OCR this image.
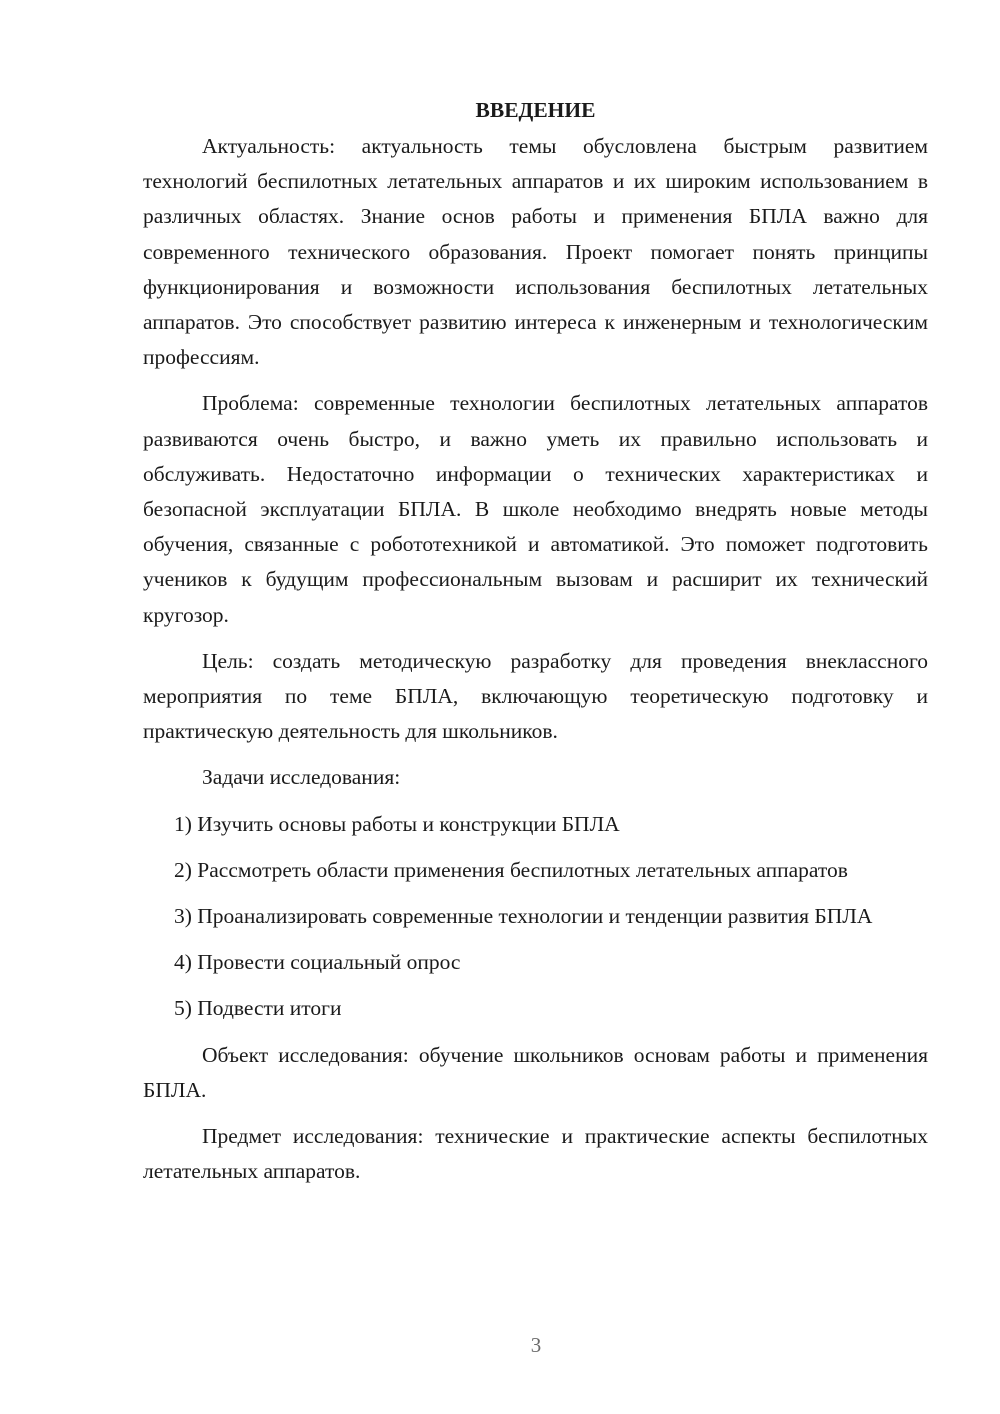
ВВЕДЕНИЕ

Актуальность: актуальность темы обусловлена быстрым развитием технологий беспилотных летательных аппаратов и их широким использованием в различных областях. Знание основ работы и применения БПЛА важно для современного технического образования. Проект помогает понять принципы функционирования и возможности использования беспилотных летательных аппаратов. Это способствует развитию интереса к инженерным и технологическим профессиям.

Проблема: современные технологии беспилотных летательных аппаратов развиваются очень быстро, и важно уметь их правильно использовать и обслуживать. Недостаточно информации о технических характеристиках и безопасной эксплуатации БПЛА. В школе необходимо внедрять новые методы обучения, связанные с робототехникой и автоматикой. Это поможет подготовить учеников к будущим профессиональным вызовам и расширит их технический кругозор.

Цель: создать методическую разработку для проведения внеклассного мероприятия по теме БПЛА, включающую теоретическую подготовку и практическую деятельность для школьников.

Задачи исследования:

1) Изучить основы работы и конструкции БПЛА

2) Рассмотреть области применения беспилотных летательных аппаратов

3) Проанализировать современные технологии и тенденции развития БПЛА

4) Провести социальный опрос

5) Подвести итоги

Объект исследования: обучение школьников основам работы и применения БПЛА.

Предмет исследования: технические и практические аспекты беспилотных летательных аппаратов.

3
